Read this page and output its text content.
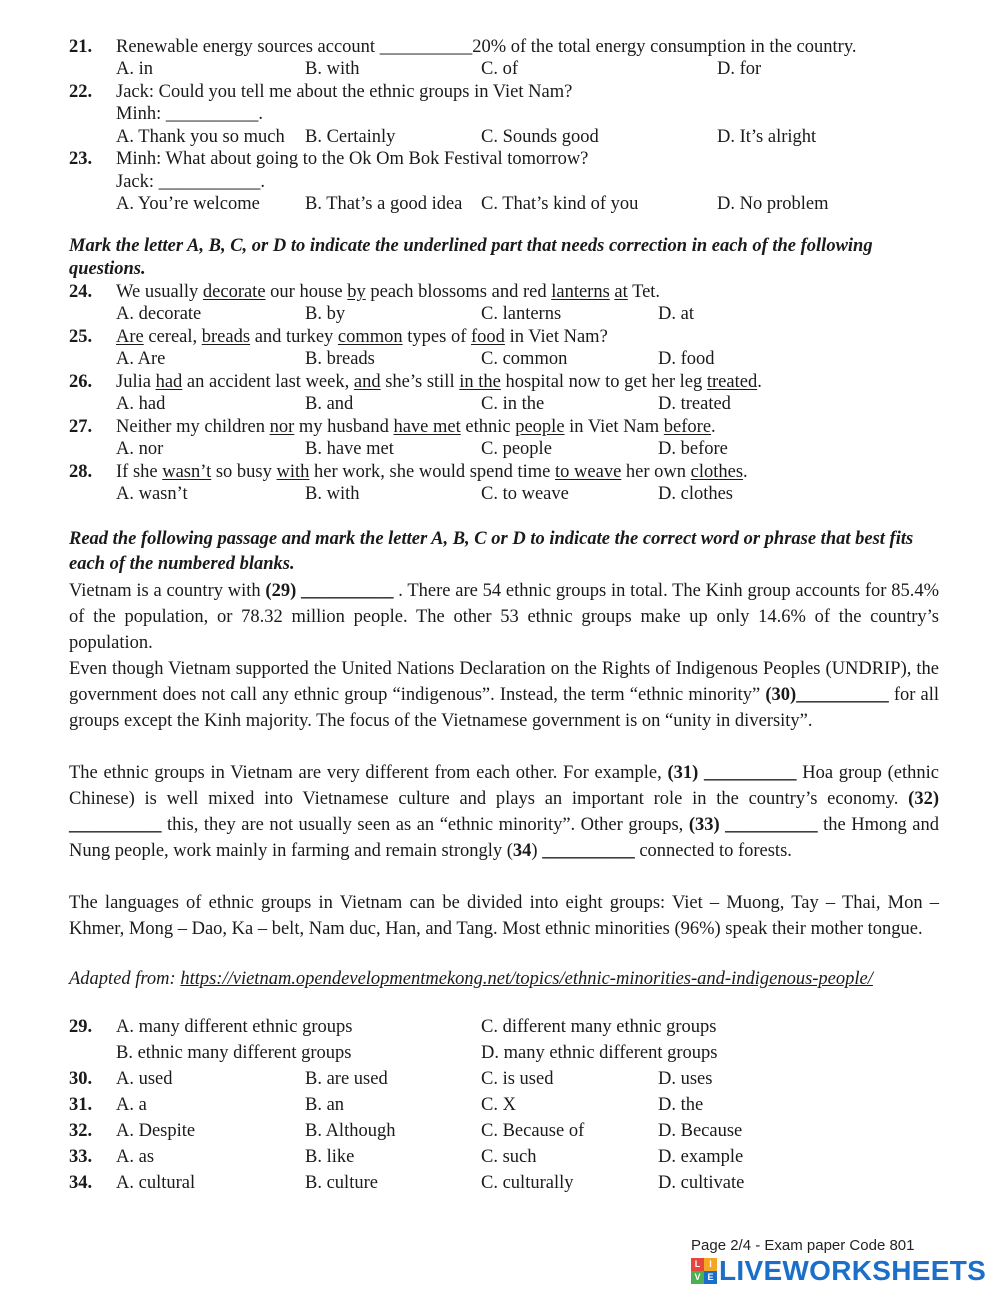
21. Renewable energy sources account __________20% of the total energy consumption in the country.
A. in	B. with	C. of	D. for
22. Jack: Could you tell me about the ethnic groups in Viet Nam?
Minh: __________.
A. Thank you so much B. Certainly	C. Sounds good	D. It’s alright
23. Minh: What about going to the Ok Om Bok Festival tomorrow?
Jack: ___________.
A. You’re welcome B. That’s a good idea C. That’s kind of you	D. No problem
Mark the letter A, B, C, or D to indicate the underlined part that needs correction in each of the following questions.
24. We usually decorate our house by peach blossoms and red lanterns at Tet.
A. decorate	B. by	C. lanterns	D. at
25. Are cereal, breads and turkey common types of food in Viet Nam?
A. Are	B. breads	C. common	D. food
26. Julia had an accident last week, and she’s still in the hospital now to get her leg treated.
A. had	B. and	C. in the	D. treated
27. Neither my children nor my husband have met ethnic people in Viet Nam before.
A. nor	B. have met	C. people	D. before
28. If she wasn’t so busy with her work, she would spend time to weave her own clothes.
A. wasn’t	B. with	C. to weave	D. clothes
Read the following passage and mark the letter A, B, C or D to indicate the correct word or phrase that best fits each of the numbered blanks.
Vietnam is a country with (29) __________ . There are 54 ethnic groups in total. The Kinh group accounts for 85.4% of the population, or 78.32 million people. The other 53 ethnic groups make up only 14.6% of the country’s population.
Even though Vietnam supported the United Nations Declaration on the Rights of Indigenous Peoples (UNDRIP), the government does not call any ethnic group “indigenous”. Instead, the term “ethnic minority” (30)__________ for all groups except the Kinh majority. The focus of the Vietnamese government is on “unity in diversity”.
The ethnic groups in Vietnam are very different from each other. For example, (31) __________ Hoa group (ethnic Chinese) is well mixed into Vietnamese culture and plays an important role in the country’s economy. (32) __________ this, they are not usually seen as an “ethnic minority”. Other groups, (33) __________ the Hmong and Nung people, work mainly in farming and remain strongly (34) __________ connected to forests.
The languages of ethnic groups in Vietnam can be divided into eight groups: Viet – Muong, Tay – Thai, Mon – Khmer, Mong – Dao, Ka – belt, Nam duc, Han, and Tang. Most ethnic minorities (96%) speak their mother tongue.
Adapted from: https://vietnam.opendevelopmentmekong.net/topics/ethnic-minorities-and-indigenous-people/
29. A. many different ethnic groups	C. different many ethnic groups
B. ethnic many different groups	D. many ethnic different groups
30. A. used	B. are used	C. is used	D. uses
31. A. a	B. an	C. X	D. the
32. A. Despite	B. Although	C. Because of	D. Because
33. A. as	B. like	C. such	D. example
34. A. cultural	B. culture	C. culturally	D. cultivate
Page 2/4 - Exam paper Code 801
L I
V E LIVEWORKSHEETS
